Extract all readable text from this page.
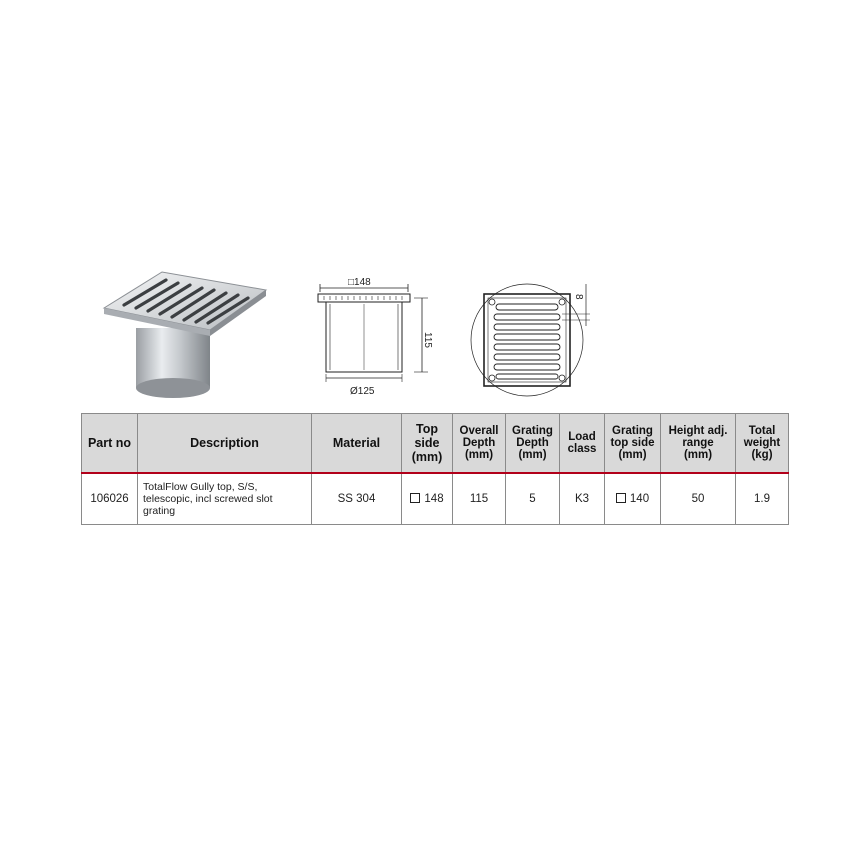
□148
115
Ø125
8
Part no	Description	Material	Top
side
(mm)	Overall
Depth
(mm)	Grating
Depth
(mm)	Load
class	Grating
top side
(mm)	Height adj.
range
(mm)	Total
weight
(kg)
106026	TotalFlow Gully top, S/S,
telescopic, incl screwed slot
grating	SS 304	148	115	5	K3	140	50	1.9
